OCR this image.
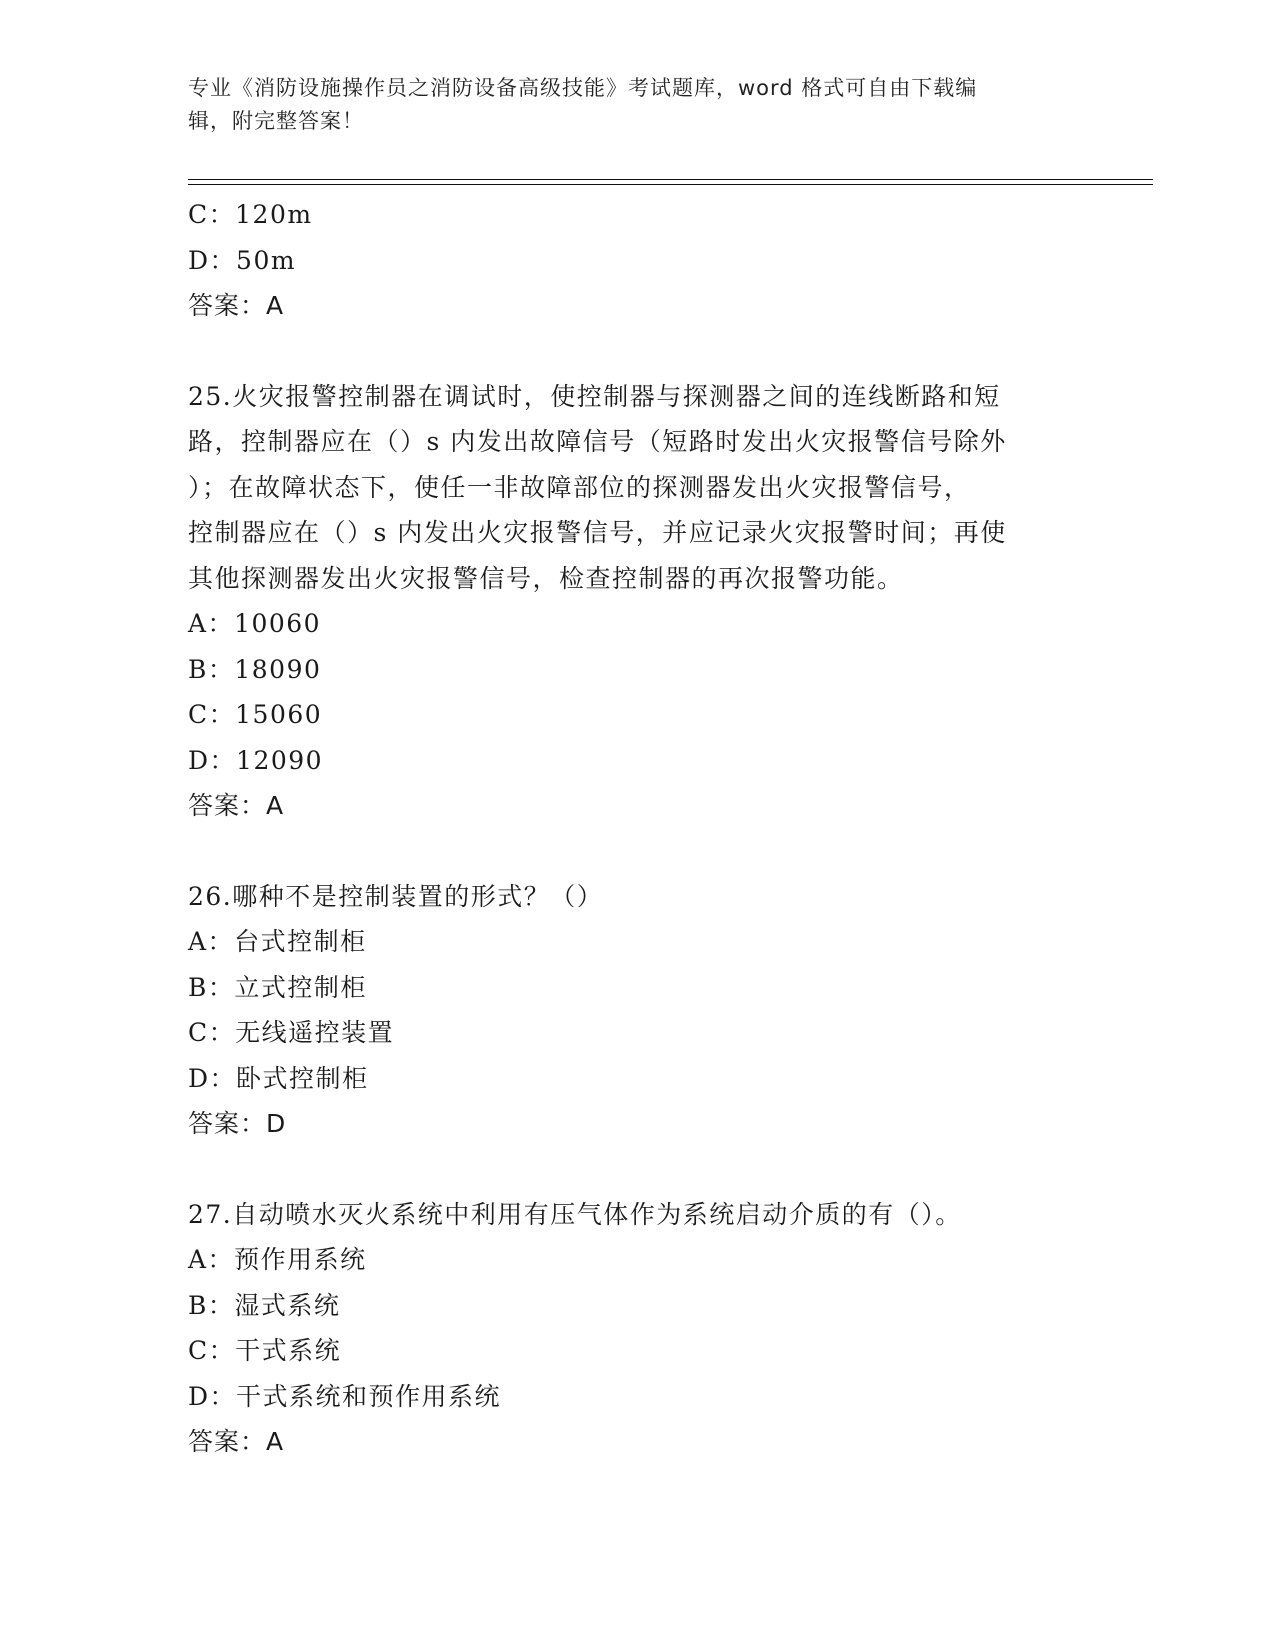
专业《消防设施操作员之消防设备高级技能》考试题库，word 格式可自由下载编
辑，附完整答案！
C：120m
D：50m
答案：A
25.火灾报警控制器在调试时，使控制器与探测器之间的连线断路和短
路，控制器应在（）s 内发出故障信号（短路时发出火灾报警信号除外
）；在故障状态下，使任一非故障部位的探测器发出火灾报警信号，
控制器应在（）s 内发出火灾报警信号，并应记录火灾报警时间；再使
其他探测器发出火灾报警信号，检查控制器的再次报警功能。
A：10060
B：18090
C：15060
D：12090
答案：A
26.哪种不是控制装置的形式？（）
A：台式控制柜
B：立式控制柜
C：无线遥控装置
D：卧式控制柜
答案：D
27.自动喷水灭火系统中利用有压气体作为系统启动介质的有（）。
A：预作用系统
B：湿式系统
C：干式系统
D：干式系统和预作用系统
答案：A
